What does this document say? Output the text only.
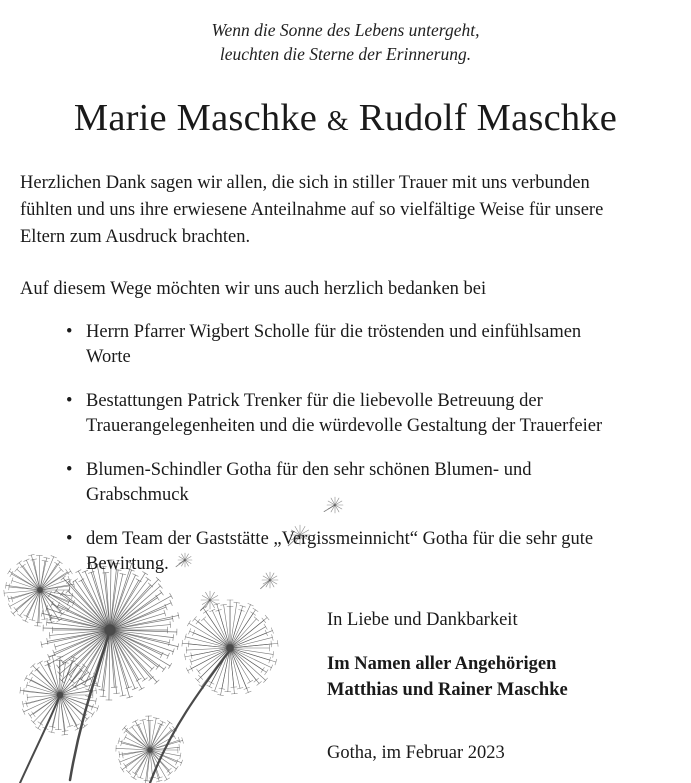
Wenn die Sonne des Lebens untergeht,
leuchten die Sterne der Erinnerung.
Marie Maschke & Rudolf Maschke
Herzlichen Dank sagen wir allen, die sich in stiller Trauer mit uns verbunden
fühlten und uns ihre erwiesene Anteilnahme auf so vielfältige Weise für unsere
Eltern zum Ausdruck brachten.
Auf diesem Wege möchten wir uns auch herzlich bedanken bei
• Herrn Pfarrer Wigbert Scholle für die tröstenden und einfühlsamen
Worte
• Bestattungen Patrick Trenker für die liebevolle Betreuung der
Trauerangelegenheiten und die würdevolle Gestaltung der Trauerfeier
• Blumen-Schindler Gotha für den sehr schönen Blumen- und
Grabschmuck
• dem Team der Gaststätte „Vergissmeinnicht“ Gotha für die sehr gute
Bewirtung.
In Liebe und Dankbarkeit
Im Namen aller Angehörigen
Matthias und Rainer Maschke
Gotha, im Februar 2023
